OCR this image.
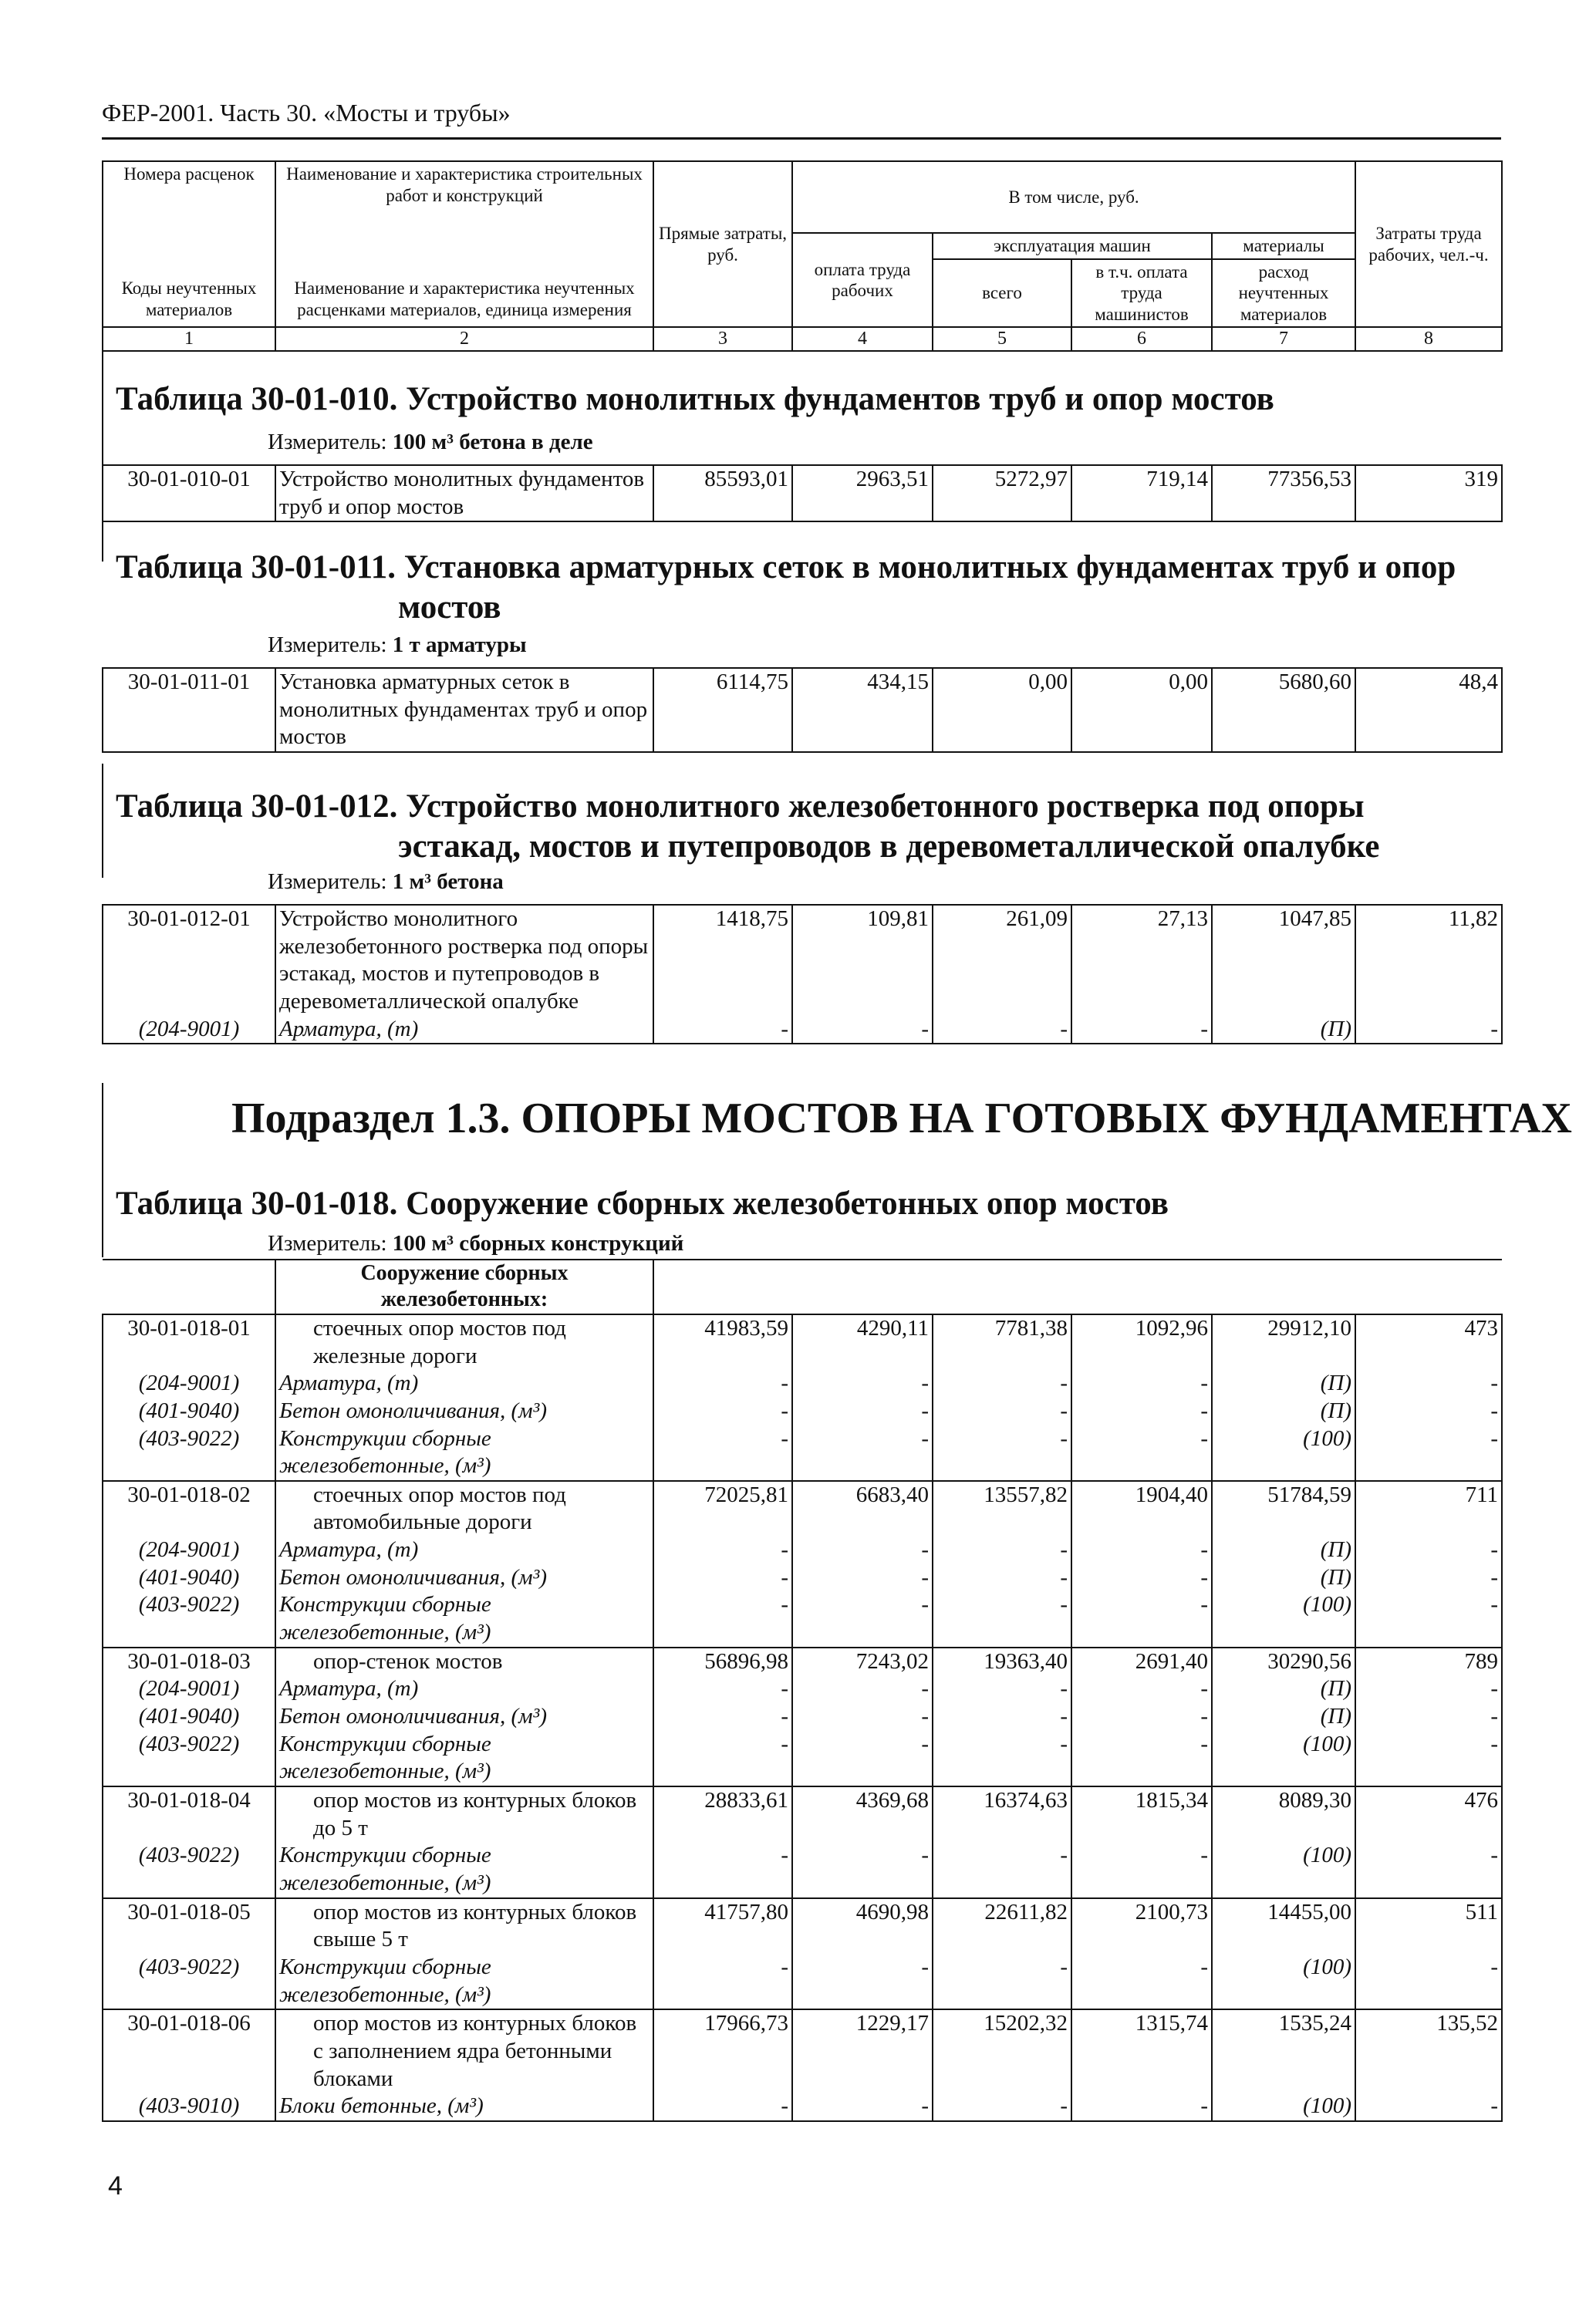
ФЕР-2001. Часть 30. «Мосты и трубы»
Номера расценок	Наименование и характеристика строительных работ и конструкций	Прямые затраты, руб.	В том числе, руб.				Затраты труда рабочих, чел.-ч.
Коды неучтенных материалов	Наименование и характеристика неучтенных расценками материалов, единица измерения		оплата труда рабочих	эксплуатация машин		материалы	
				всего	в т.ч. оплата труда машинистов	расход неучтенных материалов	
1	2	3	4	5	6	7	8
Таблица 30-01-010. Устройство монолитных фундаментов труб и опор мостов
Измеритель: 100 м³ бетона в деле
30-01-010-01	Устройство монолитных фундаментов труб и опор мостов	85593,01	2963,51	5272,97	719,14	77356,53	319
Таблица 30-01-011. Установка арматурных сеток в монолитных фундаментах труб и опор
мостов
Измеритель: 1 т арматуры
30-01-011-01	Установка арматурных сеток в монолитных фундаментах труб и опор мостов	6114,75	434,15	0,00	0,00	5680,60	48,4
Таблица 30-01-012. Устройство монолитного железобетонного ростверка под опоры
эстакад, мостов и путепроводов в деревометаллической опалубке
Измеритель: 1 м³ бетона
30-01-012-01	Устройство монолитного железобетонного ростверка под опоры эстакад, мостов и путепроводов в деревометаллической опалубке	1418,75	109,81	261,09	27,13	1047,85	11,82
(204-9001)	Арматура, (т)	-	-	-	-	(П)	-
Подраздел 1.3. ОПОРЫ МОСТОВ НА ГОТОВЫХ ФУНДАМЕНТАХ
Таблица 30-01-018. Сооружение сборных железобетонных опор мостов
Измеритель: 100 м³ сборных конструкций
	Сооружение сборных железобетонных:						
30-01-018-01	стоечных опор мостов под железные дороги	41983,59	4290,11	7781,38	1092,96	29912,10	473
(204-9001)	Арматура, (т)	-	-	-	-	(П)	-
(401-9040)	Бетон омоноличивания, (м³)	-	-	-	-	(П)	-
(403-9022)	Конструкции сборные железобетонные, (м³)	-	-	-	-	(100)	-
30-01-018-02	стоечных опор мостов под автомобильные дороги	72025,81	6683,40	13557,82	1904,40	51784,59	711
(204-9001)	Арматура, (т)	-	-	-	-	(П)	-
(401-9040)	Бетон омоноличивания, (м³)	-	-	-	-	(П)	-
(403-9022)	Конструкции сборные железобетонные, (м³)	-	-	-	-	(100)	-
30-01-018-03	опор-стенок мостов	56896,98	7243,02	19363,40	2691,40	30290,56	789
(204-9001)	Арматура, (т)	-	-	-	-	(П)	-
(401-9040)	Бетон омоноличивания, (м³)	-	-	-	-	(П)	-
(403-9022)	Конструкции сборные железобетонные, (м³)	-	-	-	-	(100)	-
30-01-018-04	опор мостов из контурных блоков до 5 т	28833,61	4369,68	16374,63	1815,34	8089,30	476
(403-9022)	Конструкции сборные железобетонные, (м³)	-	-	-	-	(100)	-
30-01-018-05	опор мостов из контурных блоков свыше 5 т	41757,80	4690,98	22611,82	2100,73	14455,00	511
(403-9022)	Конструкции сборные железобетонные, (м³)	-	-	-	-	(100)	-
30-01-018-06	опор мостов из контурных блоков с заполнением ядра бетонными блоками	17966,73	1229,17	15202,32	1315,74	1535,24	135,52
(403-9010)	Блоки бетонные, (м³)	-	-	-	-	(100)	-
4
